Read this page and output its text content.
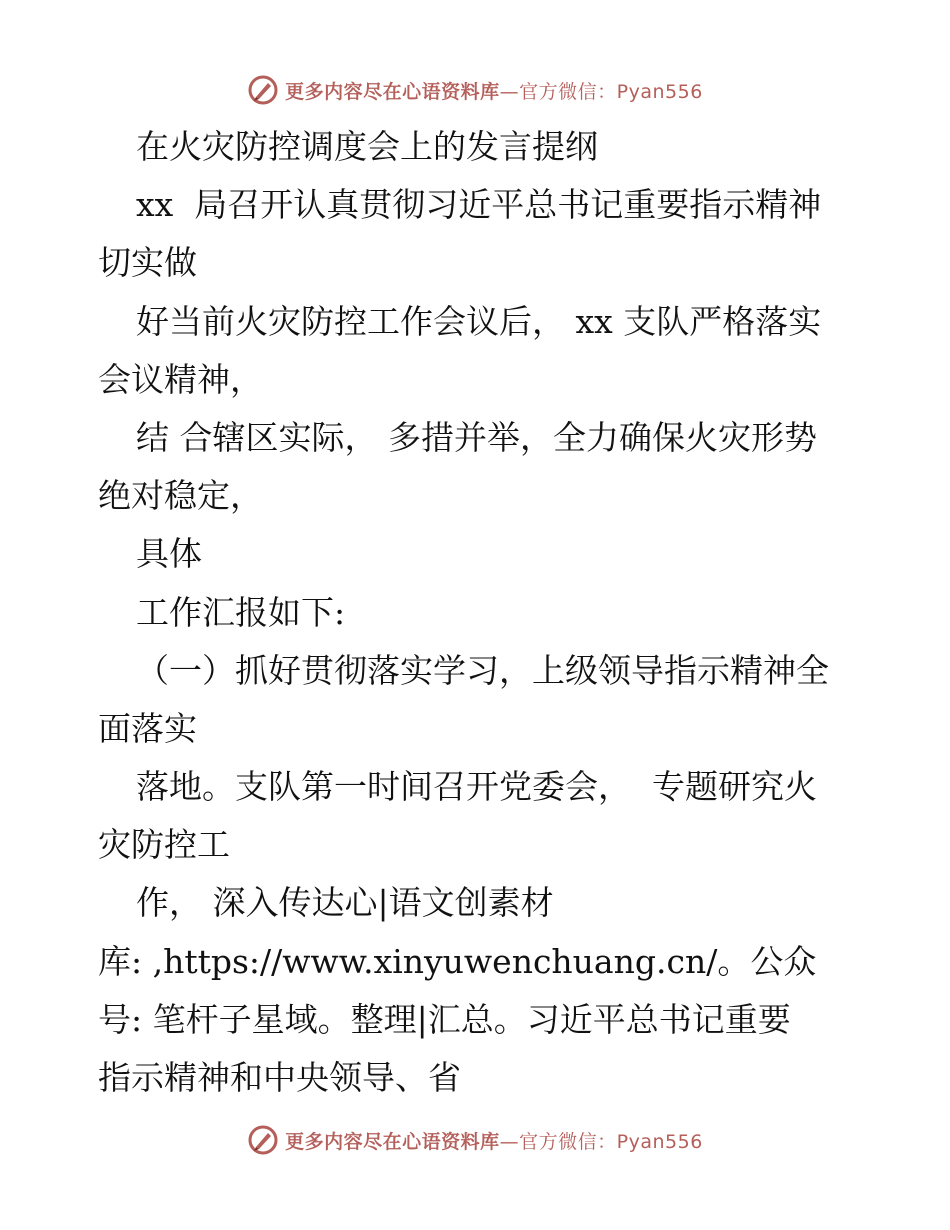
更多内容尽在心语资料库—官方微信：Pyan556
在火灾防控调度会上的发言提纲
xx  局召开认真贯彻习近平总书记重要指示精神
切实做
好当前火灾防控工作会议后， xx 支队严格落实
会议精神，
结 合辖区实际， 多措并举，全力确保火灾形势
绝对稳定，
具体
工作汇报如下:
（一）抓好贯彻落实学习，上级领导指示精神全
面落实
落地。支队第一时间召开党委会，  专题研究火
灾防控工
作， 深入传达心|语文创素材
库: ,https://www.xinyuwenchuang.cn/。公众
号: 笔杆子星域。整理|汇总。习近平总书记重要
指示精神和中央领导、省
更多内容尽在心语资料库—官方微信：Pyan556
